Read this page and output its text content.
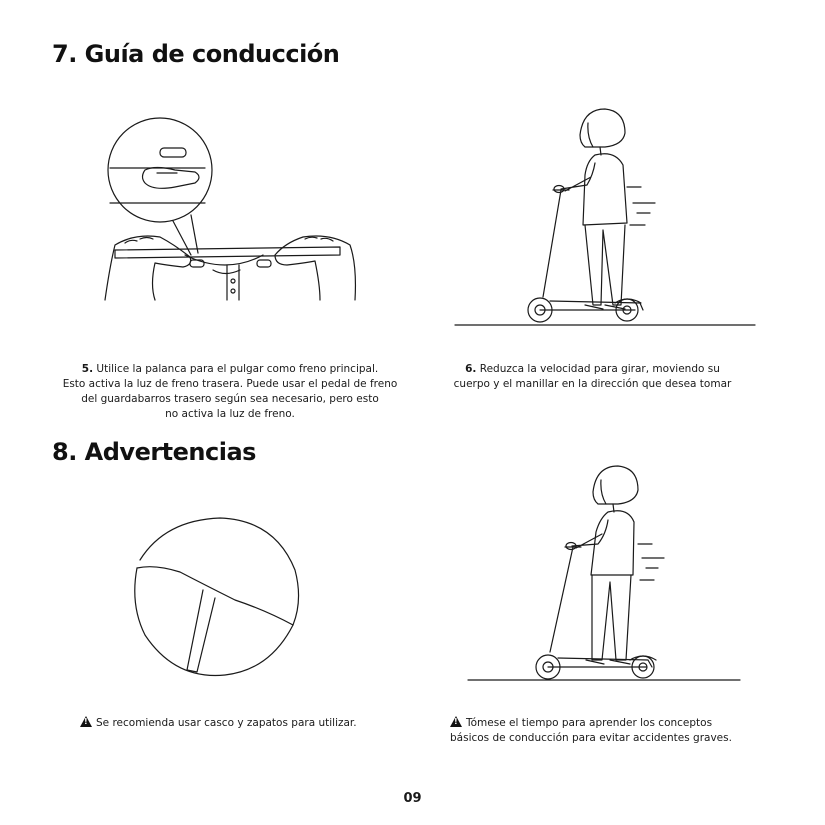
7. Guía de conducción
5. Utilice la palanca para el pulgar como freno principal.
Esto activa la luz de freno trasera. Puede usar el pedal de freno
del guardabarros trasero según sea necesario, pero esto
no activa la luz de freno.
6. Reduzca la velocidad para girar, moviendo su
cuerpo y el manillar en la dirección que desea tomar
8. Advertencias
!Se recomienda usar casco y zapatos para utilizar.
!	Tómese el tiempo para aprender los conceptos
básicos de conducción para evitar accidentes graves.
09
